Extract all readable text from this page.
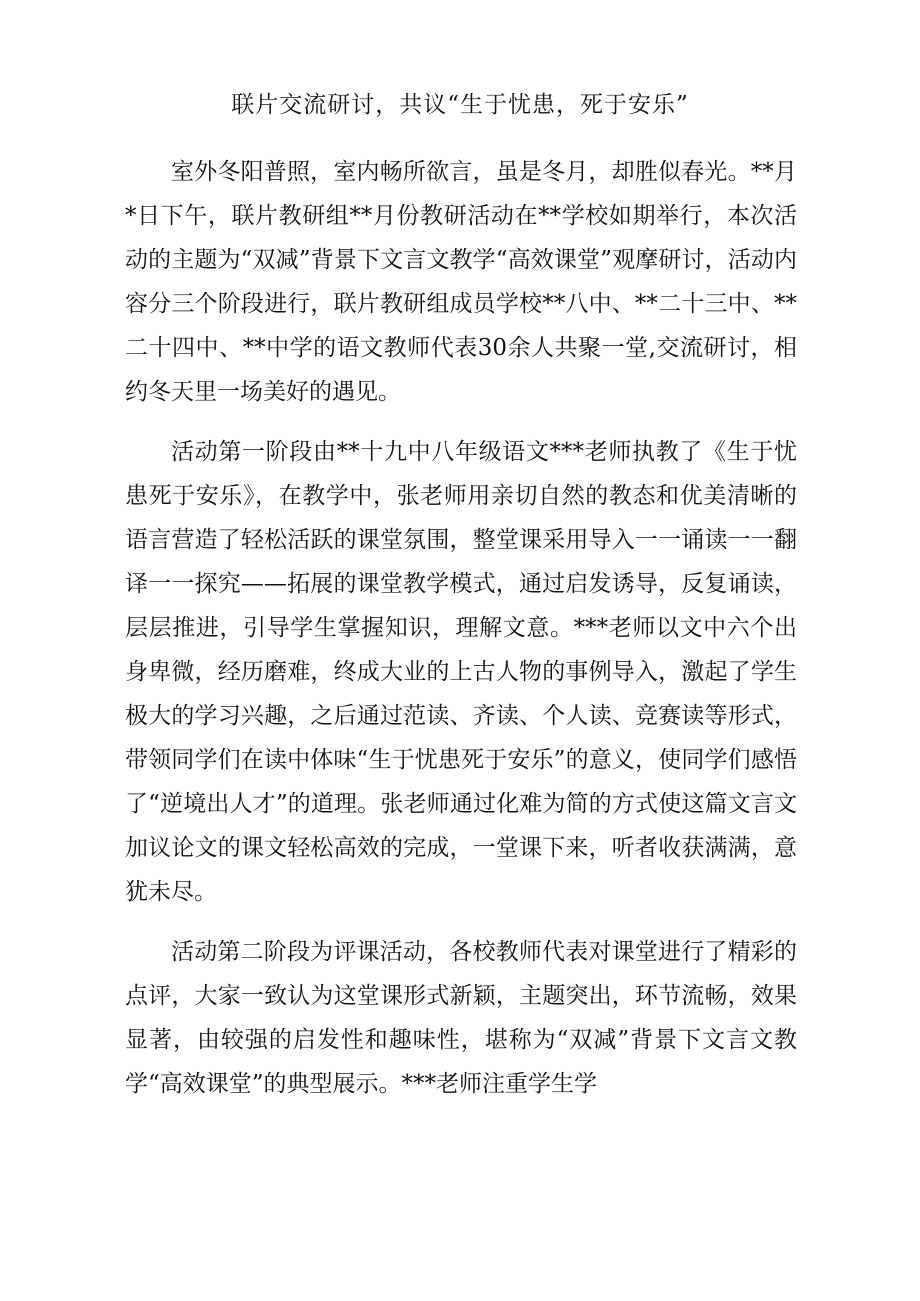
联片交流研讨，共议“生于忧患，死于安乐”

室外冬阳普照，室内畅所欲言，虽是冬月，却胜似春光。**月*日下午，联片教研组**月份教研活动在**学校如期举行，本次活动的主题为“双减”背景下文言文教学“高效课堂”观摩研讨，活动内容分三个阶段进行，联片教研组成员学校**八中、**二十三中、**二十四中、**中学的语文教师代表30余人共聚一堂,交流研讨，相约冬天里一场美好的遇见。

活动第一阶段由**十九中八年级语文***老师执教了《生于忧患死于安乐》，在教学中，张老师用亲切自然的教态和优美清晰的语言营造了轻松活跃的课堂氛围，整堂课采用导入一一诵读一一翻译一一探究——拓展的课堂教学模式，通过启发诱导，反复诵读，层层推进，引导学生掌握知识，理解文意。***老师以文中六个出身卑微，经历磨难，终成大业的上古人物的事例导入，激起了学生极大的学习兴趣，之后通过范读、齐读、个人读、竞赛读等形式，带领同学们在读中体味“生于忧患死于安乐”的意义，使同学们感悟了“逆境出人才”的道理。张老师通过化难为简的方式使这篇文言文加议论文的课文轻松高效的完成，一堂课下来，听者收获满满，意犹未尽。

活动第二阶段为评课活动，各校教师代表对课堂进行了精彩的点评，大家一致认为这堂课形式新颖，主题突出，环节流畅，效果显著，由较强的启发性和趣味性，堪称为“双减”背景下文言文教学“高效课堂”的典型展示。***老师注重学生学
